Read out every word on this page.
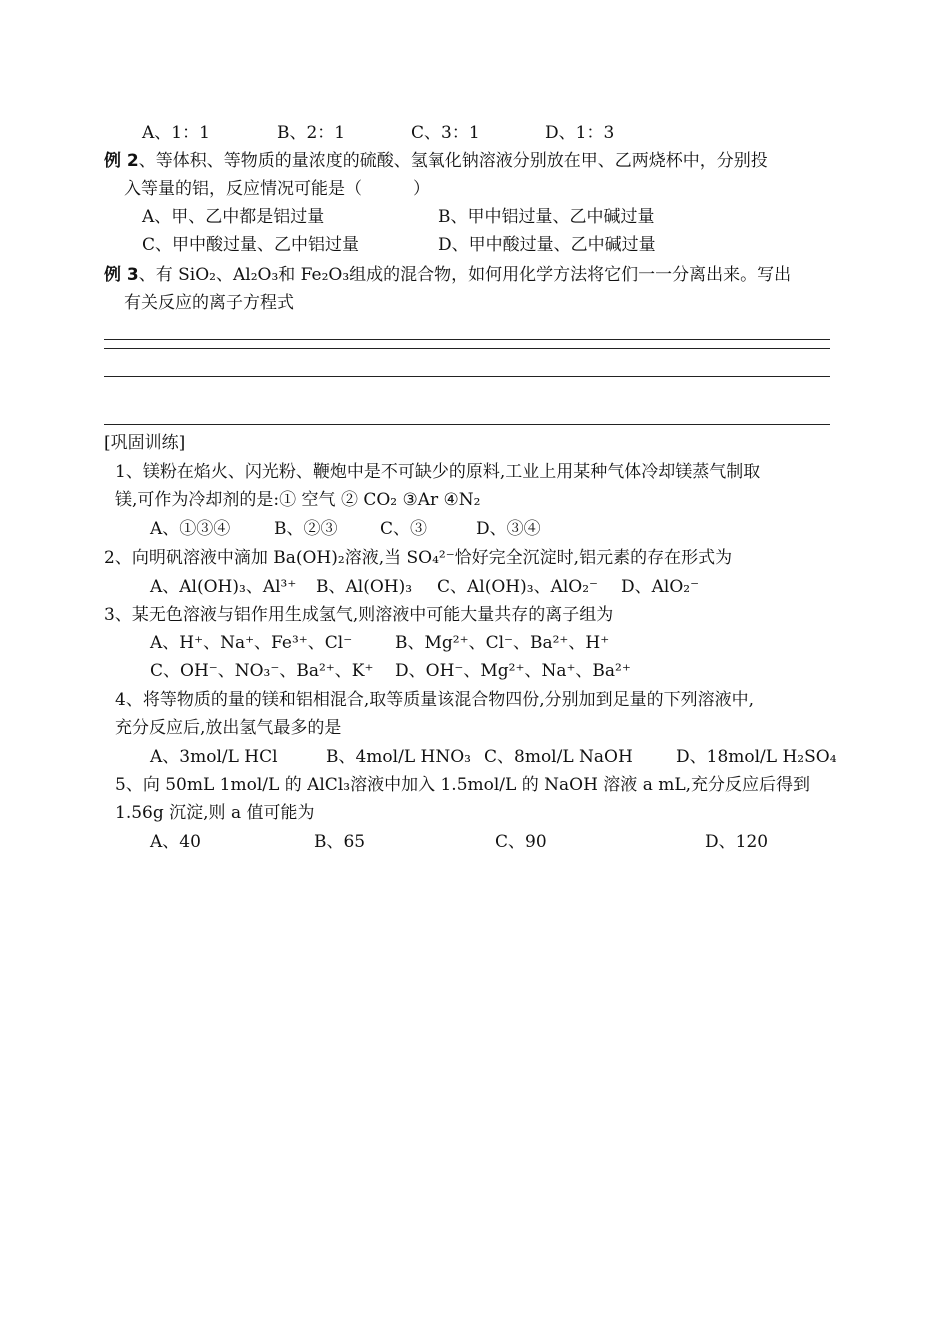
A、1：1	B、2：1	C、3：1	D、1：3
例 2、等体积、等物质的量浓度的硫酸、氢氧化钠溶液分别放在甲、乙两烧杯中，分别投
入等量的铝，反应情况可能是（　　　）
A、甲、乙中都是铝过量	B、甲中铝过量、乙中碱过量
C、甲中酸过量、乙中铝过量	D、甲中酸过量、乙中碱过量
例 3、有 SiO₂、Al₂O₃和 Fe₂O₃组成的混合物，如何用化学方法将它们一一分离出来。写出
有关反应的离子方程式
[巩固训练]
1、镁粉在焰火、闪光粉、鞭炮中是不可缺少的原料,工业上用某种气体冷却镁蒸气制取
镁,可作为冷却剂的是:① 空气 ② CO₂ ③Ar ④N₂
A、①③④	B、②③	C、③	D、③④
2、向明矾溶液中滴加 Ba(OH)₂溶液,当 SO₄²⁻恰好完全沉淀时,铝元素的存在形式为
A、Al(OH)₃、Al³⁺ B、Al(OH)₃ C、Al(OH)₃、AlO₂⁻ D、AlO₂⁻
3、某无色溶液与铝作用生成氢气,则溶液中可能大量共存的离子组为
A、H⁺、Na⁺、Fe³⁺、Cl⁻	B、Mg²⁺、Cl⁻、Ba²⁺、H⁺
C、OH⁻、NO₃⁻、Ba²⁺、K⁺ D、OH⁻、Mg²⁺、Na⁺、Ba²⁺
4、将等物质的量的镁和铝相混合,取等质量该混合物四份,分别加到足量的下列溶液中,
充分反应后,放出氢气最多的是
A、3mol/L HCl	B、4mol/L HNO₃ C、8mol/L NaOH	D、18mol/L H₂SO₄
5、向 50mL 1mol/L 的 AlCl₃溶液中加入 1.5mol/L 的 NaOH 溶液 a mL,充分反应后得到
1.56g 沉淀,则 a 值可能为
A、40	B、65	C、90	D、120
